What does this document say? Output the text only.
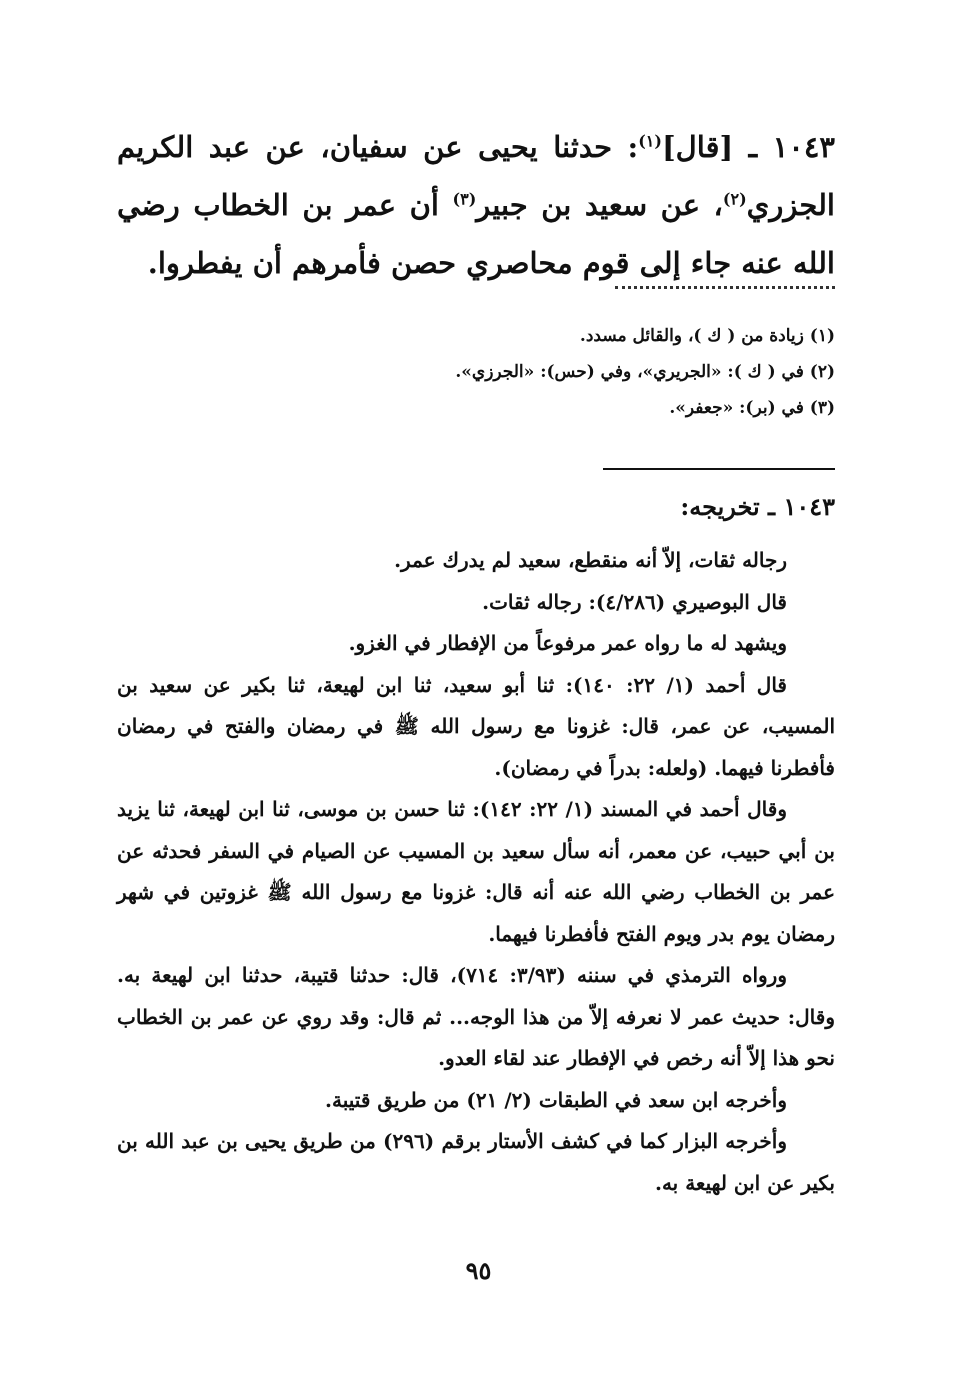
١٠٤٣ ـ [قال]$^{(١)}$: حدثنا يحيى عن سفيان، عن عبد الكريم الجزري$^{(٢)}$، عن سعيد بن جبير$^{(٣)}$ أن عمر بن الخطاب رضي الله عنه جاء إلى قوم محاصري حصن فأمرهم أن يفطروا.
(١) زيادة من ( ك )، والقائل مسدد.
(٢) في ( ك ): «الجريري»، وفي (حس): «الجرزي».
(٣) في (بر): «جعفر».
١٠٤٣ ـ تخريجه:

رجاله ثقات، إلاّ أنه منقطع، سعيد لم يدرك عمر.

قال البوصيري (٤/٢٨٦): رجاله ثقات.

ويشهد له ما رواه عمر مرفوعاً من الإفطار في الغزو.

قال أحمد (١/ ٢٢: ١٤٠): ثنا أبو سعيد، ثنا ابن لهيعة، ثنا بكير عن سعيد بن المسيب، عن عمر، قال: غزونا مع رسول الله ﷺ في رمضان والفتح في رمضان فأفطرنا فيهما. (ولعله: بدراً في رمضان).

وقال أحمد في المسند (١/ ٢٢: ١٤٢): ثنا حسن بن موسى، ثنا ابن لهيعة، ثنا يزيد بن أبي حبيب، عن معمر، أنه سأل سعيد بن المسيب عن الصيام في السفر فحدثه عن عمر بن الخطاب رضي الله عنه أنه قال: غزونا مع رسول الله ﷺ غزوتين في شهر رمضان يوم بدر ويوم الفتح فأفطرنا فيهما.

ورواه الترمذي في سننه (٣/٩٣: ٧١٤)، قال: حدثنا قتيبة، حدثنا ابن لهيعة به. وقال: حديث عمر لا نعرفه إلاّ من هذا الوجه... ثم قال: وقد روي عن عمر بن الخطاب نحو هذا إلاّ أنه رخص في الإفطار عند لقاء العدو.

وأخرجه ابن سعد في الطبقات (٢/ ٢١) من طريق قتيبة.

وأخرجه البزار كما في كشف الأستار برقم (٢٩٦) من طريق يحيى بن عبد الله بن بكير عن ابن لهيعة به.

٩٥
